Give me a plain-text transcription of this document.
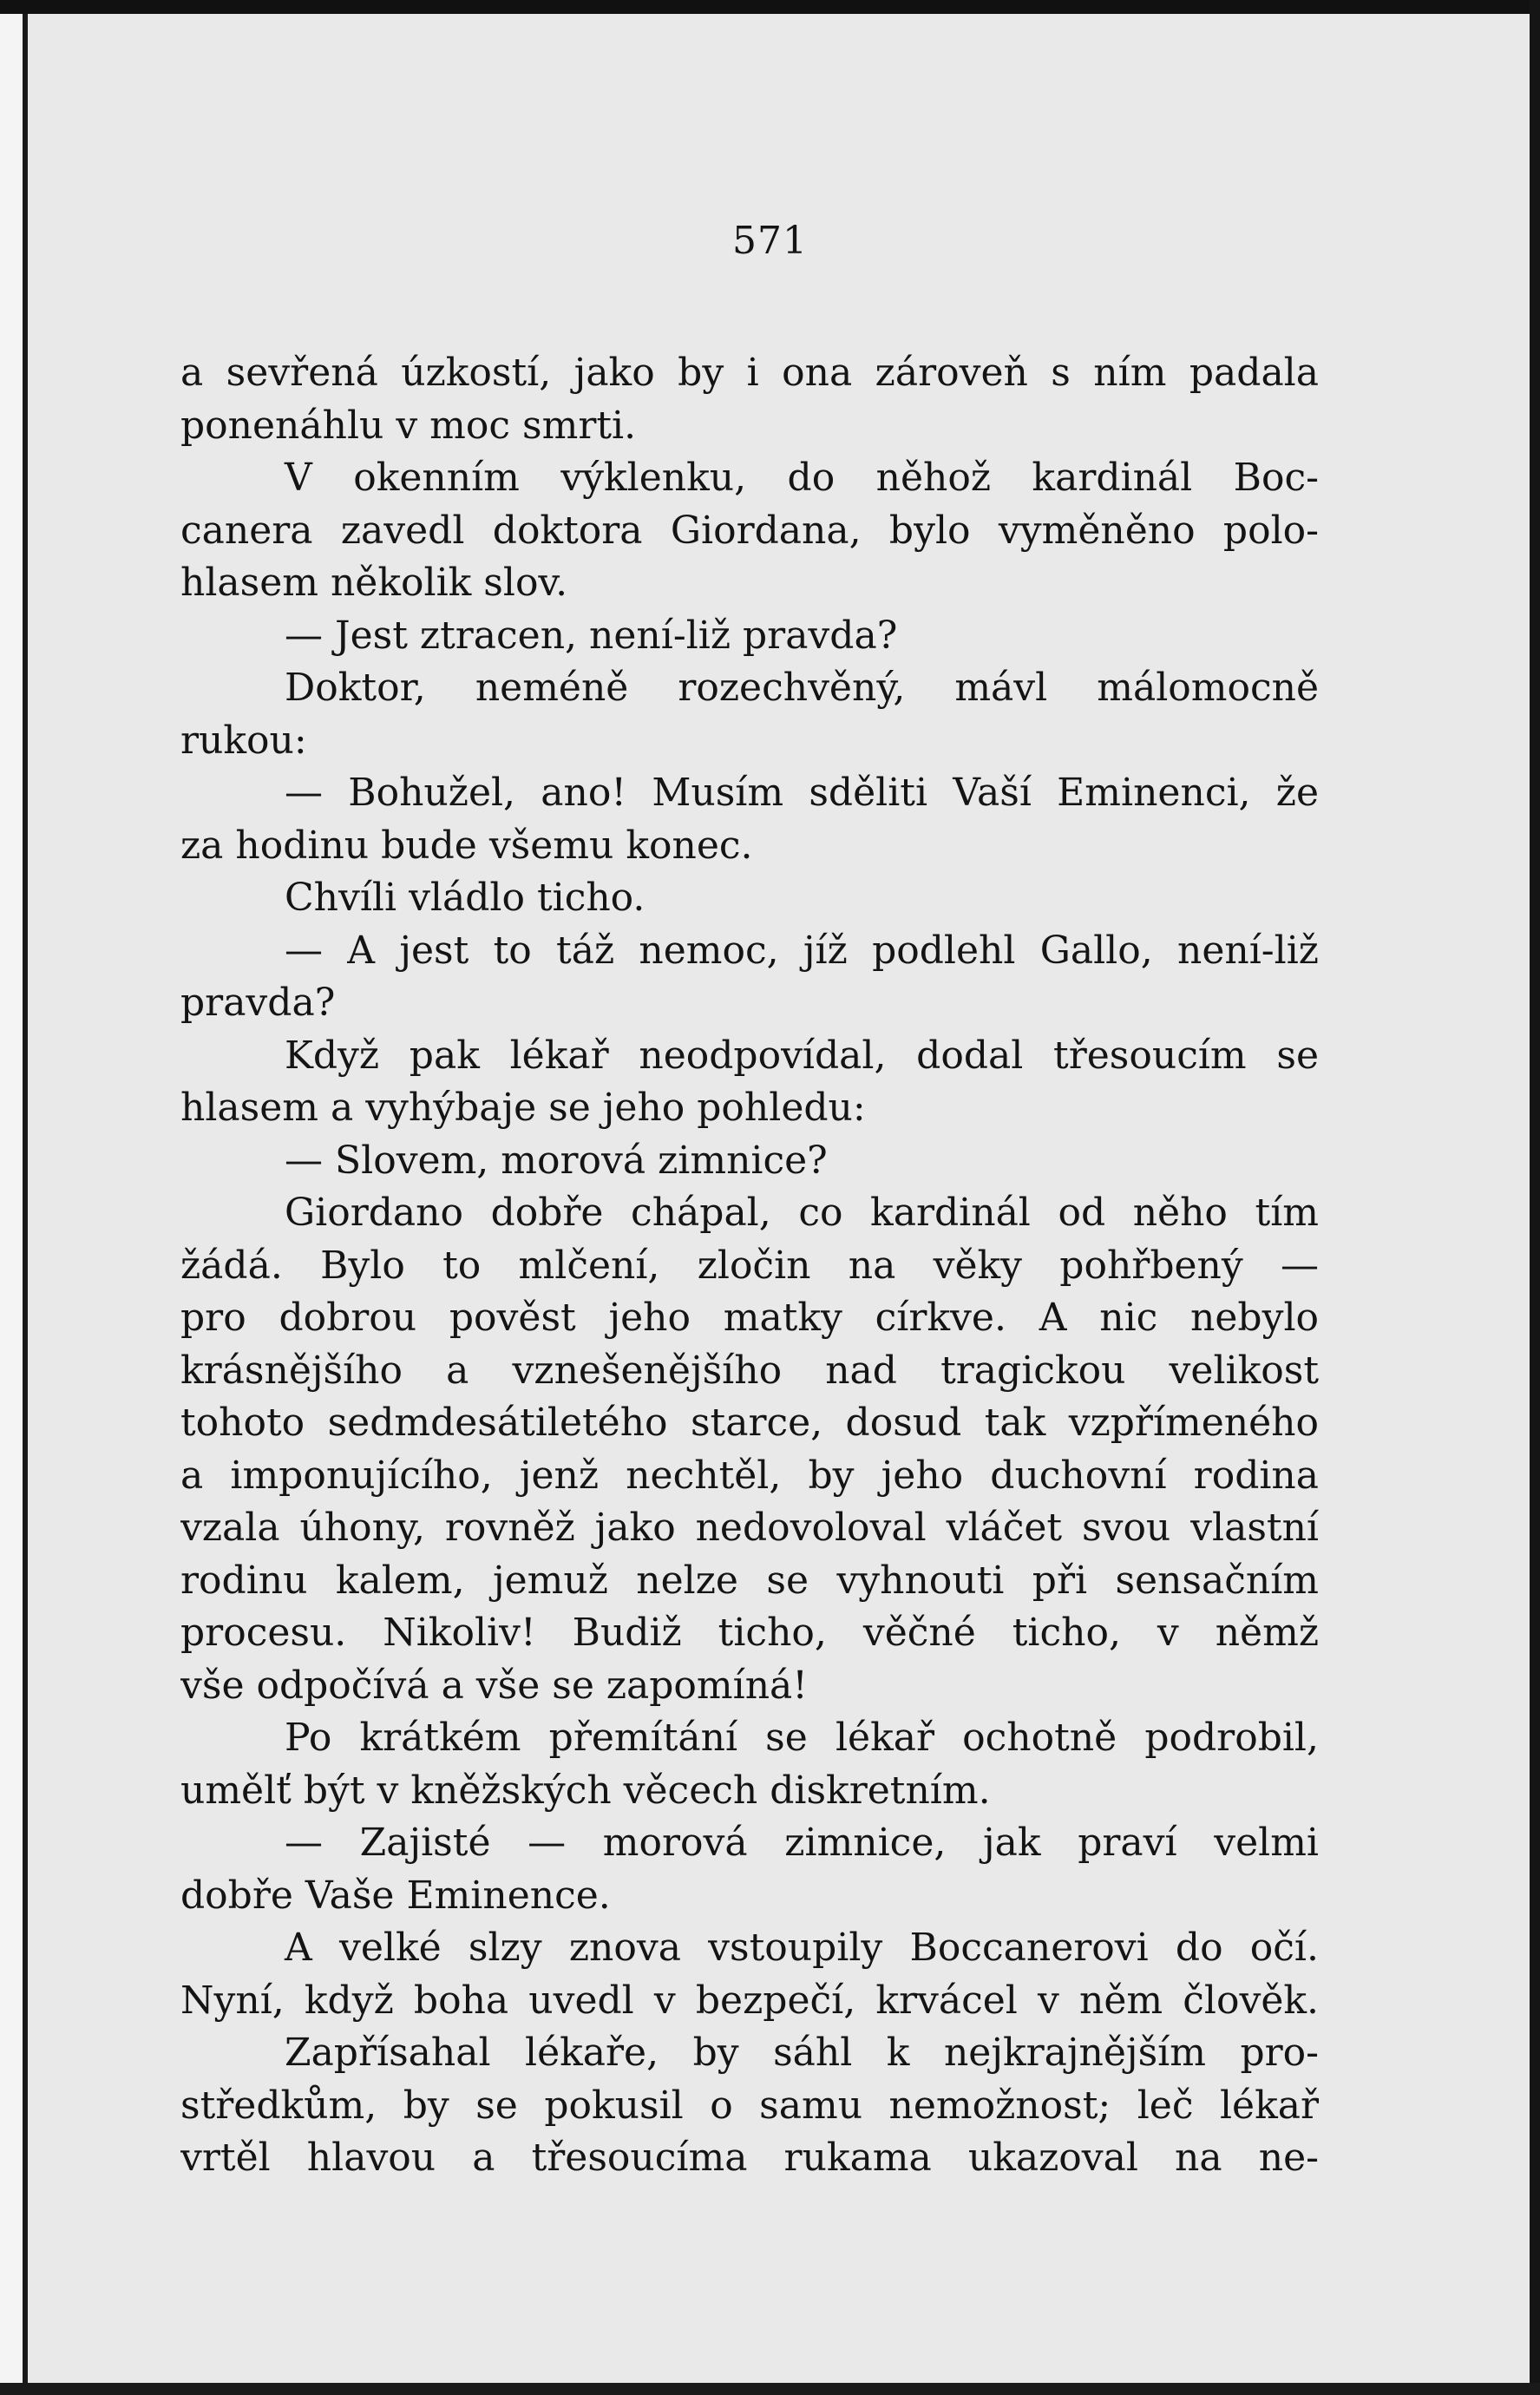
571
a sevřená úzkostí, jako by i ona zároveň s ním padala
ponenáhlu v moc smrti.
V okenním výklenku, do něhož kardinál Boc-
canera zavedl doktora Giordana, bylo vyměněno polo-
hlasem několik slov.
— Jest ztracen, není-liž pravda?
Doktor, neméně rozechvěný, mávl málomocně
rukou:
— Bohužel, ano! Musím sděliti Vaší Eminenci, že
za hodinu bude všemu konec.
Chvíli vládlo ticho.
— A jest to táž nemoc, jíž podlehl Gallo, není-liž
pravda?
Když pak lékař neodpovídal, dodal třesoucím se
hlasem a vyhýbaje se jeho pohledu:
— Slovem, morová zimnice?
Giordano dobře chápal, co kardinál od něho tím
žádá. Bylo to mlčení, zločin na věky pohřbený —
pro dobrou pověst jeho matky církve. A nic nebylo
krásnějšího a vznešenějšího nad tragickou velikost
tohoto sedmdesátiletého starce, dosud tak vzpřímeného
a imponujícího, jenž nechtěl, by jeho duchovní rodina
vzala úhony, rovněž jako nedovoloval vláčet svou vlastní
rodinu kalem, jemuž nelze se vyhnouti při sensačním
procesu. Nikoliv! Budiž ticho, věčné ticho, v němž
vše odpočívá a vše se zapomíná!
Po krátkém přemítání se lékař ochotně podrobil,
umělť být v kněžských věcech diskretním.
— Zajisté — morová zimnice, jak praví velmi
dobře Vaše Eminence.
A velké slzy znova vstoupily Boccanerovi do očí.
Nyní, když boha uvedl v bezpečí, krvácel v něm člověk.
Zapřísahal lékaře, by sáhl k nejkrajnějším pro-
středkům, by se pokusil o samu nemožnost; leč lékař
vrtěl hlavou a třesoucíma rukama ukazoval na ne-
